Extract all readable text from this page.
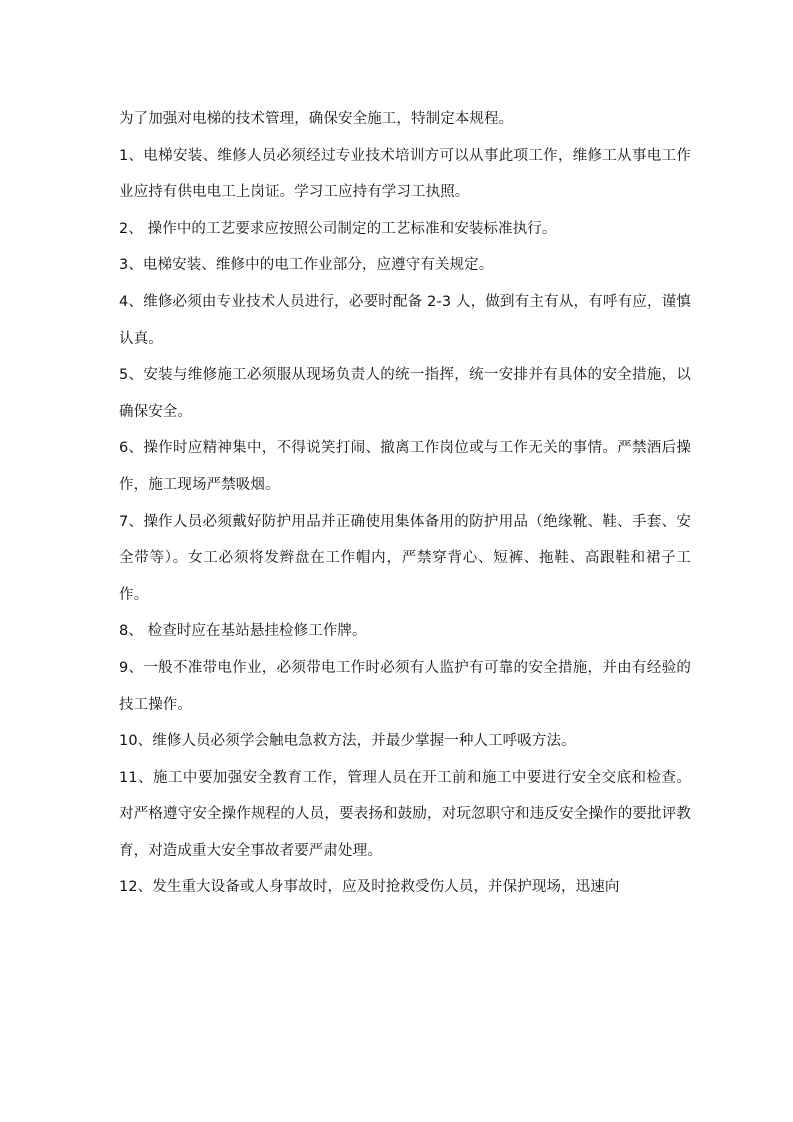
为了加强对电梯的技术管理，确保安全施工，特制定本规程。

1、电梯安装、维修人员必须经过专业技术培训方可以从事此项工作，维修工从事电工作业应持有供电电工上岗证。学习工应持有学习工执照。

2、 操作中的工艺要求应按照公司制定的工艺标准和安装标准执行。

3、电梯安装、维修中的电工作业部分，应遵守有关规定。

4、维修必须由专业技术人员进行，必要时配备 2-3 人，做到有主有从，有呼有应，谨慎认真。

5、安装与维修施工必须服从现场负责人的统一指挥，统一安排并有具体的安全措施，以确保安全。

6、操作时应精神集中，不得说笑打闹、撤离工作岗位或与工作无关的事情。严禁酒后操作，施工现场严禁吸烟。

7、操作人员必须戴好防护用品并正确使用集体备用的防护用品（绝缘靴、鞋、手套、安全带等）。女工必须将发辫盘在工作帽内，严禁穿背心、短裤、拖鞋、高跟鞋和裙子工作。

8、 检查时应在基站悬挂检修工作牌。

9、一般不准带电作业，必须带电工作时必须有人监护有可靠的安全措施，并由有经验的技工操作。

10、维修人员必须学会触电急救方法，并最少掌握一种人工呼吸方法。

11、施工中要加强安全教育工作，管理人员在开工前和施工中要进行安全交底和检查。对严格遵守安全操作规程的人员，要表扬和鼓励，对玩忽职守和违反安全操作的要批评教育，对造成重大安全事故者要严肃处理。

12、发生重大设备或人身事故时，应及时抢救受伤人员，并保护现场，迅速向
